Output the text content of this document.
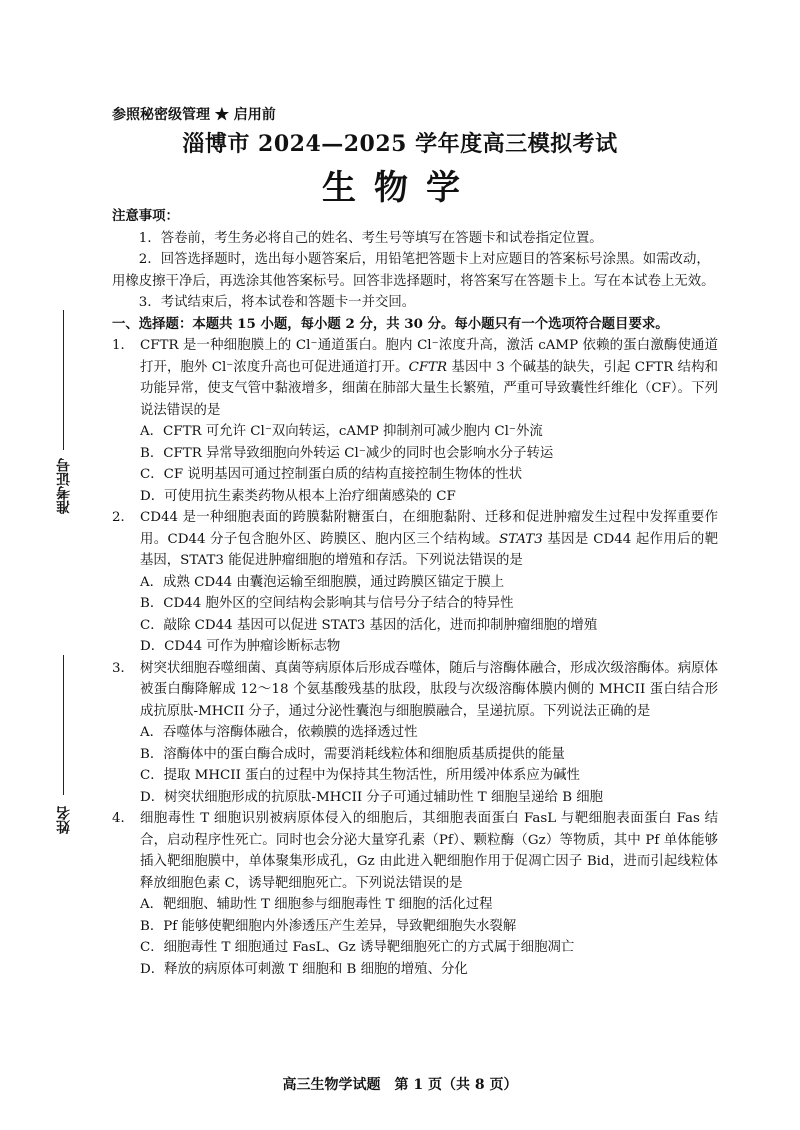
参照秘密级管理 ★ 启用前
淄博市 2024—2025 学年度高三模拟考试
生物学
准考证号
姓名

注意事项：

1．答卷前，考生务必将自己的姓名、考生号等填写在答题卡和试卷指定位置。

2．回答选择题时，选出每小题答案后，用铅笔把答题卡上对应题目的答案标号涂黑。如需改动，用橡皮擦干净后，再选涂其他答案标号。回答非选择题时，将答案写在答题卡上。写在本试卷上无效。

3．考试结束后，将本试卷和答题卡一并交回。

一、选择题：本题共 15 小题，每小题 2 分，共 30 分。每小题只有一个选项符合题目要求。

1． CFTR 是一种细胞膜上的 Cl⁻通道蛋白。胞内 Cl⁻浓度升高，激活 cAMP 依赖的蛋白激酶使通道打开，胞外 Cl⁻浓度升高也可促进通道打开。CFTR 基因中 3 个碱基的缺失，引起 CFTR 结构和功能异常，使支气管中黏液增多，细菌在肺部大量生长繁殖，严重可导致囊性纤维化（CF）。下列说法错误的是

A．CFTR 可允许 Cl⁻双向转运，cAMP 抑制剂可减少胞内 Cl⁻外流

B．CFTR 异常导致细胞向外转运 Cl⁻减少的同时也会影响水分子转运

C．CF 说明基因可通过控制蛋白质的结构直接控制生物体的性状

D．可使用抗生素类药物从根本上治疗细菌感染的 CF

2． CD44 是一种细胞表面的跨膜黏附糖蛋白，在细胞黏附、迁移和促进肿瘤发生过程中发挥重要作用。CD44 分子包含胞外区、跨膜区、胞内区三个结构域。STAT3 基因是 CD44 起作用后的靶基因，STAT3 能促进肿瘤细胞的增殖和存活。下列说法错误的是

A．成熟 CD44 由囊泡运输至细胞膜，通过跨膜区锚定于膜上

B．CD44 胞外区的空间结构会影响其与信号分子结合的特异性

C．敲除 CD44 基因可以促进 STAT3 基因的活化，进而抑制肿瘤细胞的增殖

D．CD44 可作为肿瘤诊断标志物

3． 树突状细胞吞噬细菌、真菌等病原体后形成吞噬体，随后与溶酶体融合，形成次级溶酶体。病原体被蛋白酶降解成 12～18 个氨基酸残基的肽段，肽段与次级溶酶体膜内侧的 MHCII 蛋白结合形成抗原肽-MHCII 分子，通过分泌性囊泡与细胞膜融合，呈递抗原。下列说法正确的是

A．吞噬体与溶酶体融合，依赖膜的选择透过性

B．溶酶体中的蛋白酶合成时，需要消耗线粒体和细胞质基质提供的能量

C．提取 MHCII 蛋白的过程中为保持其生物活性，所用缓冲体系应为碱性

D．树突状细胞形成的抗原肽-MHCII 分子可通过辅助性 T 细胞呈递给 B 细胞

4． 细胞毒性 T 细胞识别被病原体侵入的细胞后，其细胞表面蛋白 FasL 与靶细胞表面蛋白 Fas 结合，启动程序性死亡。同时也会分泌大量穿孔素（Pf）、颗粒酶（Gz）等物质，其中 Pf 单体能够插入靶细胞膜中，单体聚集形成孔，Gz 由此进入靶细胞作用于促凋亡因子 Bid，进而引起线粒体释放细胞色素 C，诱导靶细胞死亡。下列说法错误的是

A．靶细胞、辅助性 T 细胞参与细胞毒性 T 细胞的活化过程

B．Pf 能够使靶细胞内外渗透压产生差异，导致靶细胞失水裂解

C．细胞毒性 T 细胞通过 FasL、Gz 诱导靶细胞死亡的方式属于细胞凋亡

D．释放的病原体可刺激 T 细胞和 B 细胞的增殖、分化

高三生物学试题　第 1 页（共 8 页）
